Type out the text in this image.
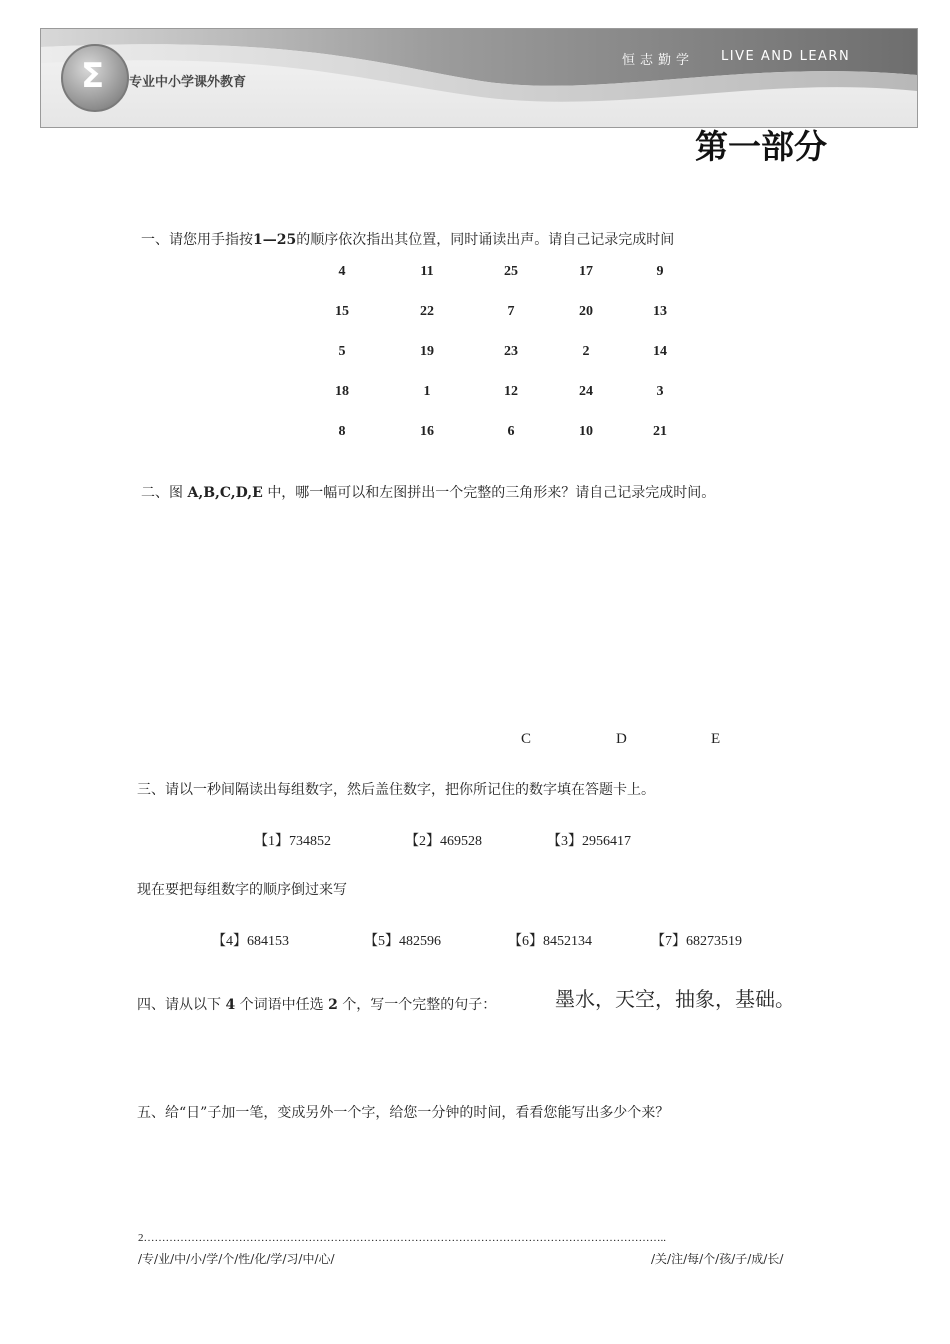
Σ 专业中小学课外教育
恒志勤学 LIVE AND LEARN
第一部分
一、请您用手指按1—25的顺序依次指出其位置，同时诵读出声。请自己记录完成时间
4	11	25	17	9
15	22	7	20	13
5	19	23	2	14
18	1	12	24	3
8	16	6	10	21
二、图 A,B,C,D,E 中，哪一幅可以和左图拼出一个完整的三角形来？请自己记录完成时间。
C	D	E
三、请以一秒间隔读出每组数字，然后盖住数字，把你所记住的数字填在答题卡上。
【1】734852	【2】469528	【3】2956417
现在要把每组数字的顺序倒过来写
【4】684153	【5】482596	【6】8452134	【7】68273519
四、请从以下 4 个词语中任选 2 个，写一个完整的句子：	墨水，天空，抽象，基础。
五、给“日”子加一笔，变成另外一个字，给您一分钟的时间，看看您能写出多少个来？
2……………………………………………………………………………………………………………………………..
/专/业/中/小/学/个/性/化/学/习/中/心/	/关/注/每/个/孩/子/成/长/
